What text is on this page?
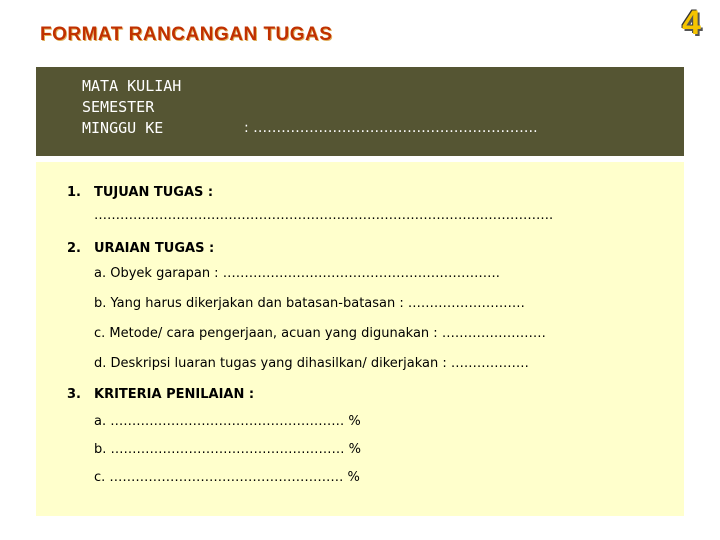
FORMAT RANCANGAN TUGAS	4
MATA KULIAH
SEMESTER
MINGGU KE

	: …………………………………………………….

1. TUJUAN TUGAS :
…………………………………………………………………………………………….
2. URAIAN TUGAS :
a. Obyek garapan : ……………………………………………………….
b. Yang harus dikerjakan dan batasan-batasan : ………………………
c. Metode/ cara pengerjaan, acuan yang digunakan : ……………………
d. Deskripsi luaran tugas yang dihasilkan/ dikerjakan : ………………
3. KRITERIA PENILAIAN :
a. ……………………………………………… %
b. ……………………………………………… %
c. ……………………………………………… %
